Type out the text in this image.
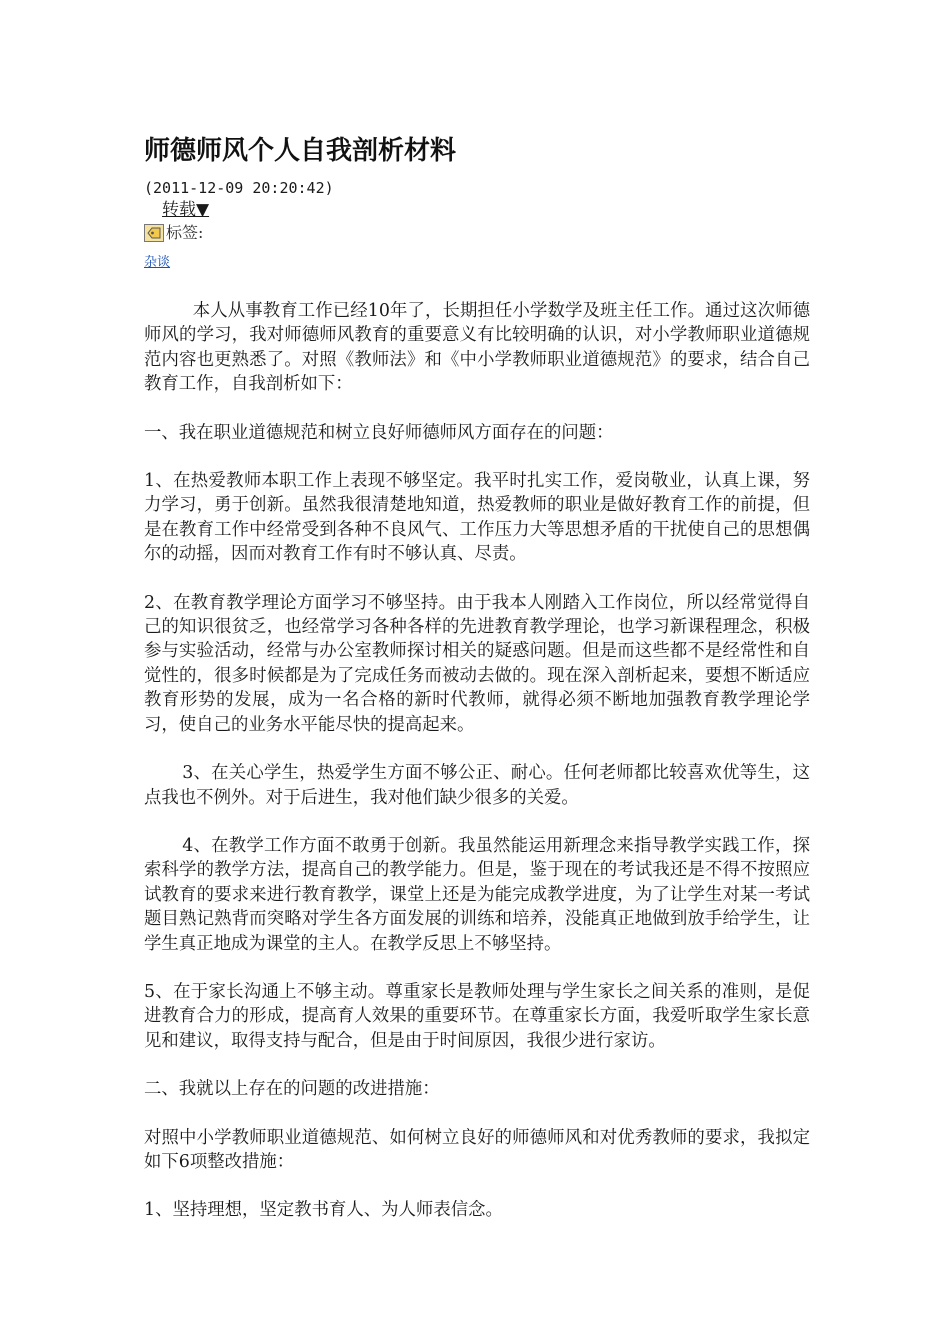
师德师风个人自我剖析材料
(2011-12-09 20:20:42)
转载▼
标签:
杂谈

本人从事教育工作已经10年了，长期担任小学数学及班主任工作。通过这次师德师风的学习，我对师德师风教育的重要意义有比较明确的认识，对小学教师职业道德规范内容也更熟悉了。对照《教师法》和《中小学教师职业道德规范》的要求，结合自己教育工作，自我剖析如下：

一、我在职业道德规范和树立良好师德师风方面存在的问题：

1、在热爱教师本职工作上表现不够坚定。我平时扎实工作，爱岗敬业，认真上课，努力学习，勇于创新。虽然我很清楚地知道，热爱教师的职业是做好教育工作的前提，但是在教育工作中经常受到各种不良风气、工作压力大等思想矛盾的干扰使自己的思想偶尔的动摇，因而对教育工作有时不够认真、尽责。

2、在教育教学理论方面学习不够坚持。由于我本人刚踏入工作岗位，所以经常觉得自己的知识很贫乏，也经常学习各种各样的先进教育教学理论，也学习新课程理念，积极参与实验活动，经常与办公室教师探讨相关的疑惑问题。但是而这些都不是经常性和自觉性的，很多时候都是为了完成任务而被动去做的。现在深入剖析起来，要想不断适应教育形势的发展，成为一名合格的新时代教师，就得必须不断地加强教育教学理论学习，使自己的业务水平能尽快的提高起来。

3、在关心学生，热爱学生方面不够公正、耐心。任何老师都比较喜欢优等生，这点我也不例外。对于后进生，我对他们缺少很多的关爱。

4、在教学工作方面不敢勇于创新。我虽然能运用新理念来指导教学实践工作，探索科学的教学方法，提高自己的教学能力。但是，鉴于现在的考试我还是不得不按照应试教育的要求来进行教育教学，课堂上还是为能完成教学进度，为了让学生对某一考试题目熟记熟背而突略对学生各方面发展的训练和培养，没能真正地做到放手给学生，让学生真正地成为课堂的主人。在教学反思上不够坚持。

5、在于家长沟通上不够主动。尊重家长是教师处理与学生家长之间关系的准则，是促进教育合力的形成，提高育人效果的重要环节。在尊重家长方面，我爱听取学生家长意见和建议，取得支持与配合，但是由于时间原因，我很少进行家访。

二、我就以上存在的问题的改进措施：

对照中小学教师职业道德规范、如何树立良好的师德师风和对优秀教师的要求，我拟定如下6项整改措施：

1、坚持理想，坚定教书育人、为人师表信念。
